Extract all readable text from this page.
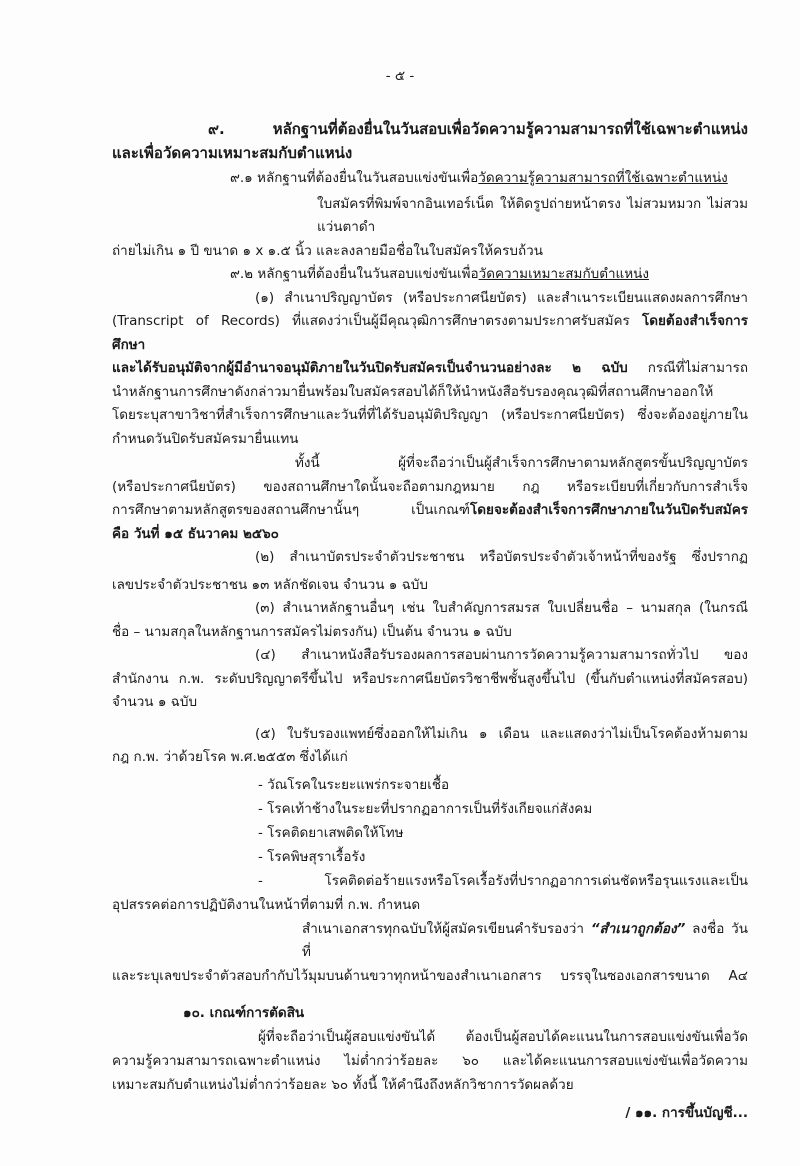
- ๕ -
๙. หลักฐานที่ต้องยื่นในวันสอบเพื่อวัดความรู้ความสามารถที่ใช้เฉพาะตำแหน่ง
และเพื่อวัดความเหมาะสมกับตำแหน่ง
๙.๑ หลักฐานที่ต้องยื่นในวันสอบแข่งขันเพื่อวัดความรู้ความสามารถที่ใช้เฉพาะตำแหน่ง
ใบสมัครที่พิมพ์จากอินเทอร์เน็ต ให้ติดรูปถ่ายหน้าตรง ไม่สวมหมวก ไม่สวมแว่นตาดำ
ถ่ายไม่เกิน ๑ ปี ขนาด ๑ x ๑.๕ นิ้ว และลงลายมือชื่อในใบสมัครให้ครบถ้วน
๙.๒ หลักฐานที่ต้องยื่นในวันสอบแข่งขันเพื่อวัดความเหมาะสมกับตำแหน่ง
(๑) สำเนาปริญญาบัตร (หรือประกาศนียบัตร) และสำเนาระเบียนแสดงผลการศึกษา
(Transcript of Records) ที่แสดงว่าเป็นผู้มีคุณวุฒิการศึกษาตรงตามประกาศรับสมัคร โดยต้องสำเร็จการศึกษา
และได้รับอนุมัติจากผู้มีอำนาจอนุมัติภายในวันปิดรับสมัครเป็นจำนวนอย่างละ ๒ ฉบับ กรณีที่ไม่สามารถ
นำหลักฐานการศึกษาดังกล่าวมายื่นพร้อมใบสมัครสอบได้ก็ให้นำหนังสือรับรองคุณวุฒิที่สถานศึกษาออกให้
โดยระบุสาขาวิชาที่สำเร็จการศึกษาและวันที่ที่ได้รับอนุมัติปริญญา (หรือประกาศนียบัตร) ซึ่งจะต้องอยู่ภายใน
กำหนดวันปิดรับสมัครมายื่นแทน
ทั้งนี้ ผู้ที่จะถือว่าเป็นผู้สำเร็จการศึกษาตามหลักสูตรขั้นปริญญาบัตร
(หรือประกาศนียบัตร) ของสถานศึกษาใดนั้นจะถือตามกฎหมาย กฎ หรือระเบียบที่เกี่ยวกับการสำเร็จ
การศึกษาตามหลักสูตรของสถานศึกษานั้นๆ เป็นเกณฑ์โดยจะต้องสำเร็จการศึกษาภายในวันปิดรับสมัคร
คือ วันที่ ๑๕ ธันวาคม ๒๕๖๐
(๒) สำเนาบัตรประจำตัวประชาชน หรือบัตรประจำตัวเจ้าหน้าที่ของรัฐ ซึ่งปรากฏ
เลขประจำตัวประชาชน ๑๓ หลักชัดเจน จำนวน ๑ ฉบับ
(๓) สำเนาหลักฐานอื่นๆ เช่น ใบสำคัญการสมรส ใบเปลี่ยนชื่อ – นามสกุล (ในกรณี
ชื่อ – นามสกุลในหลักฐานการสมัครไม่ตรงกัน) เป็นต้น จำนวน ๑ ฉบับ
(๔) สำเนาหนังสือรับรองผลการสอบผ่านการวัดความรู้ความสามารถทั่วไป ของ
สำนักงาน ก.พ. ระดับปริญญาตรีขึ้นไป หรือประกาศนียบัตรวิชาชีพชั้นสูงขึ้นไป (ขึ้นกับตำแหน่งที่สมัครสอบ)
จำนวน ๑ ฉบับ
(๕) ใบรับรองแพทย์ซึ่งออกให้ไม่เกิน ๑ เดือน และแสดงว่าไม่เป็นโรคต้องห้ามตาม
กฎ ก.พ. ว่าด้วยโรค พ.ศ.๒๕๕๓ ซึ่งได้แก่
- วัณโรคในระยะแพร่กระจายเชื้อ
- โรคเท้าช้างในระยะที่ปรากฏอาการเป็นที่รังเกียจแก่สังคม
- โรคติดยาเสพติดให้โทษ
- โรคพิษสุราเรื้อรัง
- โรคติดต่อร้ายแรงหรือโรคเรื้อรังที่ปรากฏอาการเด่นชัดหรือรุนแรงและเป็น
อุปสรรคต่อการปฏิบัติงานในหน้าที่ตามที่ ก.พ. กำหนด
สำเนาเอกสารทุกฉบับให้ผู้สมัครเขียนคำรับรองว่า “สำเนาถูกต้อง” ลงชื่อ วันที่
และระบุเลขประจำตัวสอบกำกับไว้มุมบนด้านขวาทุกหน้าของสำเนาเอกสาร บรรจุในซองเอกสารขนาด A๔
๑๐. เกณฑ์การตัดสิน
ผู้ที่จะถือว่าเป็นผู้สอบแข่งขันได้ ต้องเป็นผู้สอบได้คะแนนในการสอบแข่งขันเพื่อวัด
ความรู้ความสามารถเฉพาะตำแหน่ง ไม่ต่ำกว่าร้อยละ ๖๐ และได้คะแนนการสอบแข่งขันเพื่อวัดความ
เหมาะสมกับตำแหน่งไม่ต่ำกว่าร้อยละ ๖๐ ทั้งนี้ ให้คำนึงถึงหลักวิชาการวัดผลด้วย
/ ๑๑. การขึ้นบัญชี...
